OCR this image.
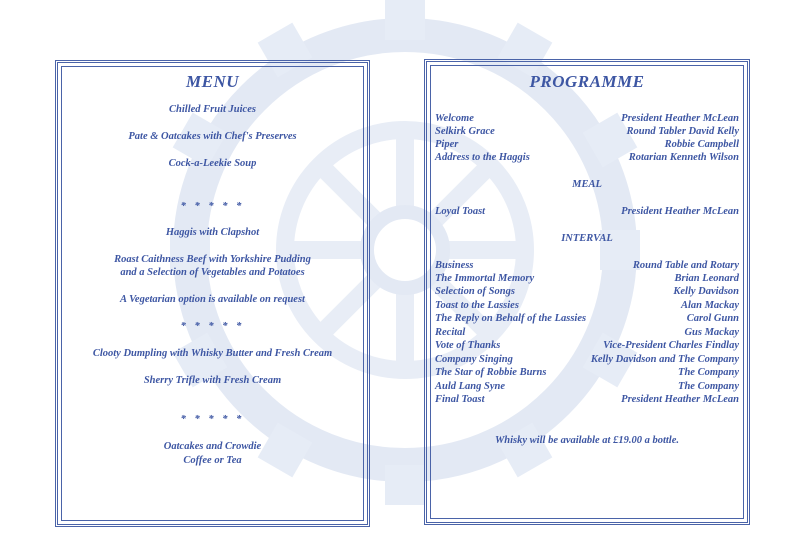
MENU
Chilled Fruit Juices
Pate & Oatcakes with Chef's Preserves
Cock-a-Leekie Soup
* * * * *
Haggis with Clapshot
Roast Caithness Beef with Yorkshire Pudding
and a Selection of Vegetables and Potatoes
A Vegetarian option is available on request
* * * * *
Clooty Dumpling with Whisky Butter and Fresh Cream
Sherry Trifle with Fresh Cream
* * * * *
Oatcakes and Crowdie
Coffee or Tea
PROGRAMME
Welcome	President Heather McLean
Selkirk Grace	Round Tabler David Kelly
Piper	Robbie Campbell
Address to the Haggis	Rotarian Kenneth Wilson
MEAL
Loyal Toast	President Heather McLean
INTERVAL
Business	Round Table and Rotary
The Immortal Memory	Brian Leonard
Selection of Songs	Kelly Davidson
Toast to the Lassies	Alan Mackay
The Reply on Behalf of the Lassies	Carol Gunn
Recital	Gus Mackay
Vote of Thanks	Vice-President Charles Findlay
Company Singing	Kelly Davidson and The Company
The Star of Robbie Burns	The Company
Auld Lang Syne	The Company
Final Toast	President Heather McLean
Whisky will be available at £19.00 a bottle.
